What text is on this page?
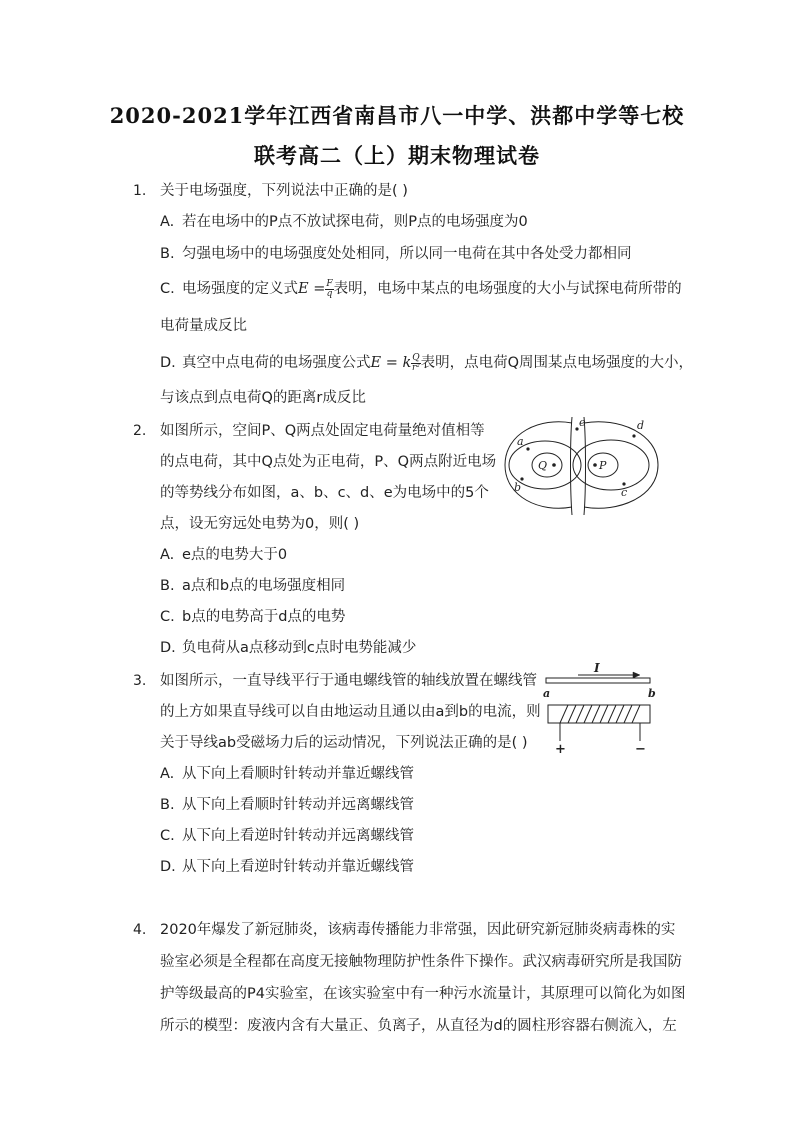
2020-2021学年江西省南昌市八一中学、洪都中学等七校
联考高二（上）期末物理试卷
1. 关于电场强度，下列说法中正确的是( )
A. 若在电场中的P点不放试探电荷，则P点的电场强度为0
B. 匀强电场中的电场强度处处相同，所以同一电荷在其中各处受力都相同
C. 电场强度的定义式$E = \frac{F}{q}$ 表明，电场中某点的电场强度的大小与试探电荷所带的
电荷量成反比
D. 真空中点电荷的电场强度公式E = k $\frac{Q}{\text{r²}}$ 表明，点电荷Q周围某点电场强度的大小，
与该点到点电荷Q的距离r成反比
2. 如图所示，空间P、Q两点处固定电荷量绝对值相等
的点电荷，其中Q点处为正电荷，P、Q两点附近电场
的等势线分布如图，a、b、c、d、e为电场中的5个
点，设无穷远处电势为0，则( )
A. e点的电势大于0
B. a点和b点的电场强度相同
C. b点的电势高于d点的电势
D. 负电荷从a点移动到c点时电势能减少
a
b	c
d
e
Q	P
3. 如图所示，一直导线平行于通电螺线管的轴线放置在螺线管
的上方如果直导线可以自由地运动且通以由a到b的电流，则
关于导线ab受磁场力后的运动情况，下列说法正确的是( )
A. 从下向上看顺时针转动并靠近螺线管
B. 从下向上看顺时针转动并远离螺线管
C. 从下向上看逆时针转动并远离螺线管
D. 从下向上看逆时针转动并靠近螺线管
I
a	b
+	−
4. 2020年爆发了新冠肺炎，该病毒传播能力非常强，因此研究新冠肺炎病毒株的实
验室必须是全程都在高度无接触物理防护性条件下操作。武汉病毒研究所是我国防
护等级最高的P4实验室，在该实验室中有一种污水流量计，其原理可以简化为如图
所示的模型：废液内含有大量正、负离子，从直径为d的圆柱形容器右侧流入，左
